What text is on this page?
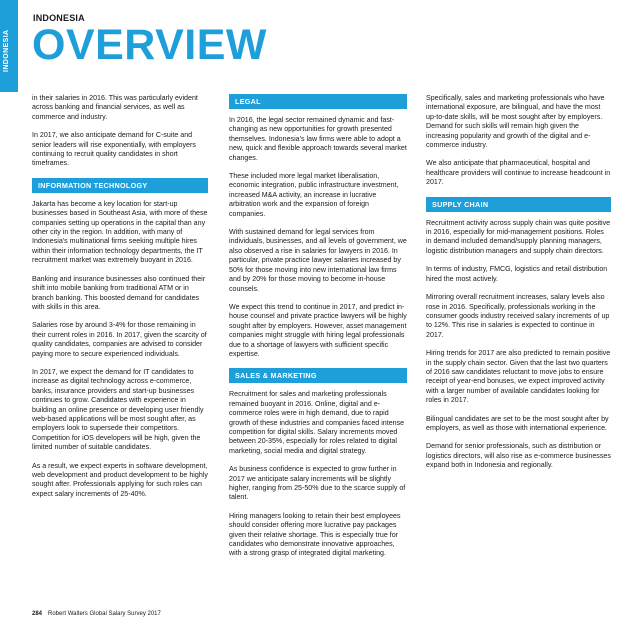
INDONESIA
INDONESIA
OVERVIEW

in their salaries in 2016. This was particularly evident across banking and financial services, as well as commerce and industry.

In 2017, we also anticipate demand for C-suite and senior leaders will rise exponentially, with employers continuing to recruit quality candidates in short timeframes.

INFORMATION TECHNOLOGY

Jakarta has become a key location for start-up businesses based in Southeast Asia, with more of these companies setting up operations in the capital than any other city in the region. In addition, with many of Indonesia's multinational firms seeking multiple hires within their information technology departments, the IT recruitment market was extremely buoyant in 2016.

Banking and insurance businesses also continued their shift into mobile banking from traditional ATM or in branch banking. This boosted demand for candidates with skills in this area.

Salaries rose by around 3-4% for those remaining in their current roles in 2016. In 2017, given the scarcity of quality candidates, companies are advised to consider paying more to secure experienced individuals.

In 2017, we expect the demand for IT candidates to increase as digital technology across e-commerce, banks, insurance providers and start-up businesses continues to grow. Candidates with experience in building an online presence or developing user friendly web-based applications will be most sought after, as employers look to supersede their competitors. Competition for iOS developers will be high, given the limited number of suitable candidates.

As a result, we expect experts in software development, web development and product development to be highly sought after. Professionals applying for such roles can expect salary increments of 25-40%.

LEGAL

In 2016, the legal sector remained dynamic and fast-changing as new opportunities for growth presented themselves. Indonesia's law firms were able to adopt a new, quick and flexible approach towards several market changes.

These included more legal market liberalisation, economic integration, public infrastructure investment, increased M&A activity, an increase in lucrative arbitration work and the expansion of foreign companies.

With sustained demand for legal services from individuals, businesses, and all levels of government, we also observed a rise in salaries for lawyers in 2016. In particular, private practice lawyer salaries increased by 50% for those moving into new international law firms and by 20% for those moving to become in-house counsels.

We expect this trend to continue in 2017, and predict in-house counsel and private practice lawyers will be highly sought after by employers. However, asset management companies might struggle with hiring legal professionals due to a shortage of lawyers with sufficient specific expertise.

SALES & MARKETING

Recruitment for sales and marketing professionals remained buoyant in 2016. Online, digital and e-commerce roles were in high demand, due to rapid growth of these industries and companies faced intense competition for digital skills. Salary increments moved between 20-35%, especially for roles related to digital marketing, social media and digital strategy.

As business confidence is expected to grow further in 2017 we anticipate salary increments will be slightly higher, ranging from 25-50% due to the scarce supply of talent.

Hiring managers looking to retain their best employees should consider offering more lucrative pay packages given their relative shortage. This is especially true for candidates who demonstrate innovative approaches, with a strong grasp of integrated digital marketing.

Specifically, sales and marketing professionals who have international exposure, are bilingual, and have the most up-to-date skills, will be most sought after by employers. Demand for such skills will remain high given the increasing popularity and growth of the digital and e-commerce industry.

We also anticipate that pharmaceutical, hospital and healthcare providers will continue to increase headcount in 2017.

SUPPLY CHAIN

Recruitment activity across supply chain was quite positive in 2016, especially for mid-management positions. Roles in demand included demand/supply planning managers, logistic distribution managers and supply chain directors.

In terms of industry, FMCG, logistics and retail distribution hired the most actively.

Mirroring overall recruitment increases, salary levels also rose in 2016. Specifically, professionals working in the consumer goods industry received salary increments of up to 12%. This rise in salaries is expected to continue in 2017.

Hiring trends for 2017 are also predicted to remain positive in the supply chain sector. Given that the last two quarters of 2016 saw candidates reluctant to move jobs to ensure receipt of year-end bonuses, we expect improved activity with a larger number of available candidates looking for roles in 2017.

Bilingual candidates are set to be the most sought after by employers, as well as those with international experience.

Demand for senior professionals, such as distribution or logistics directors, will also rise as e-commerce businesses expand both in Indonesia and regionally.

284 Robert Walters Global Salary Survey 2017
